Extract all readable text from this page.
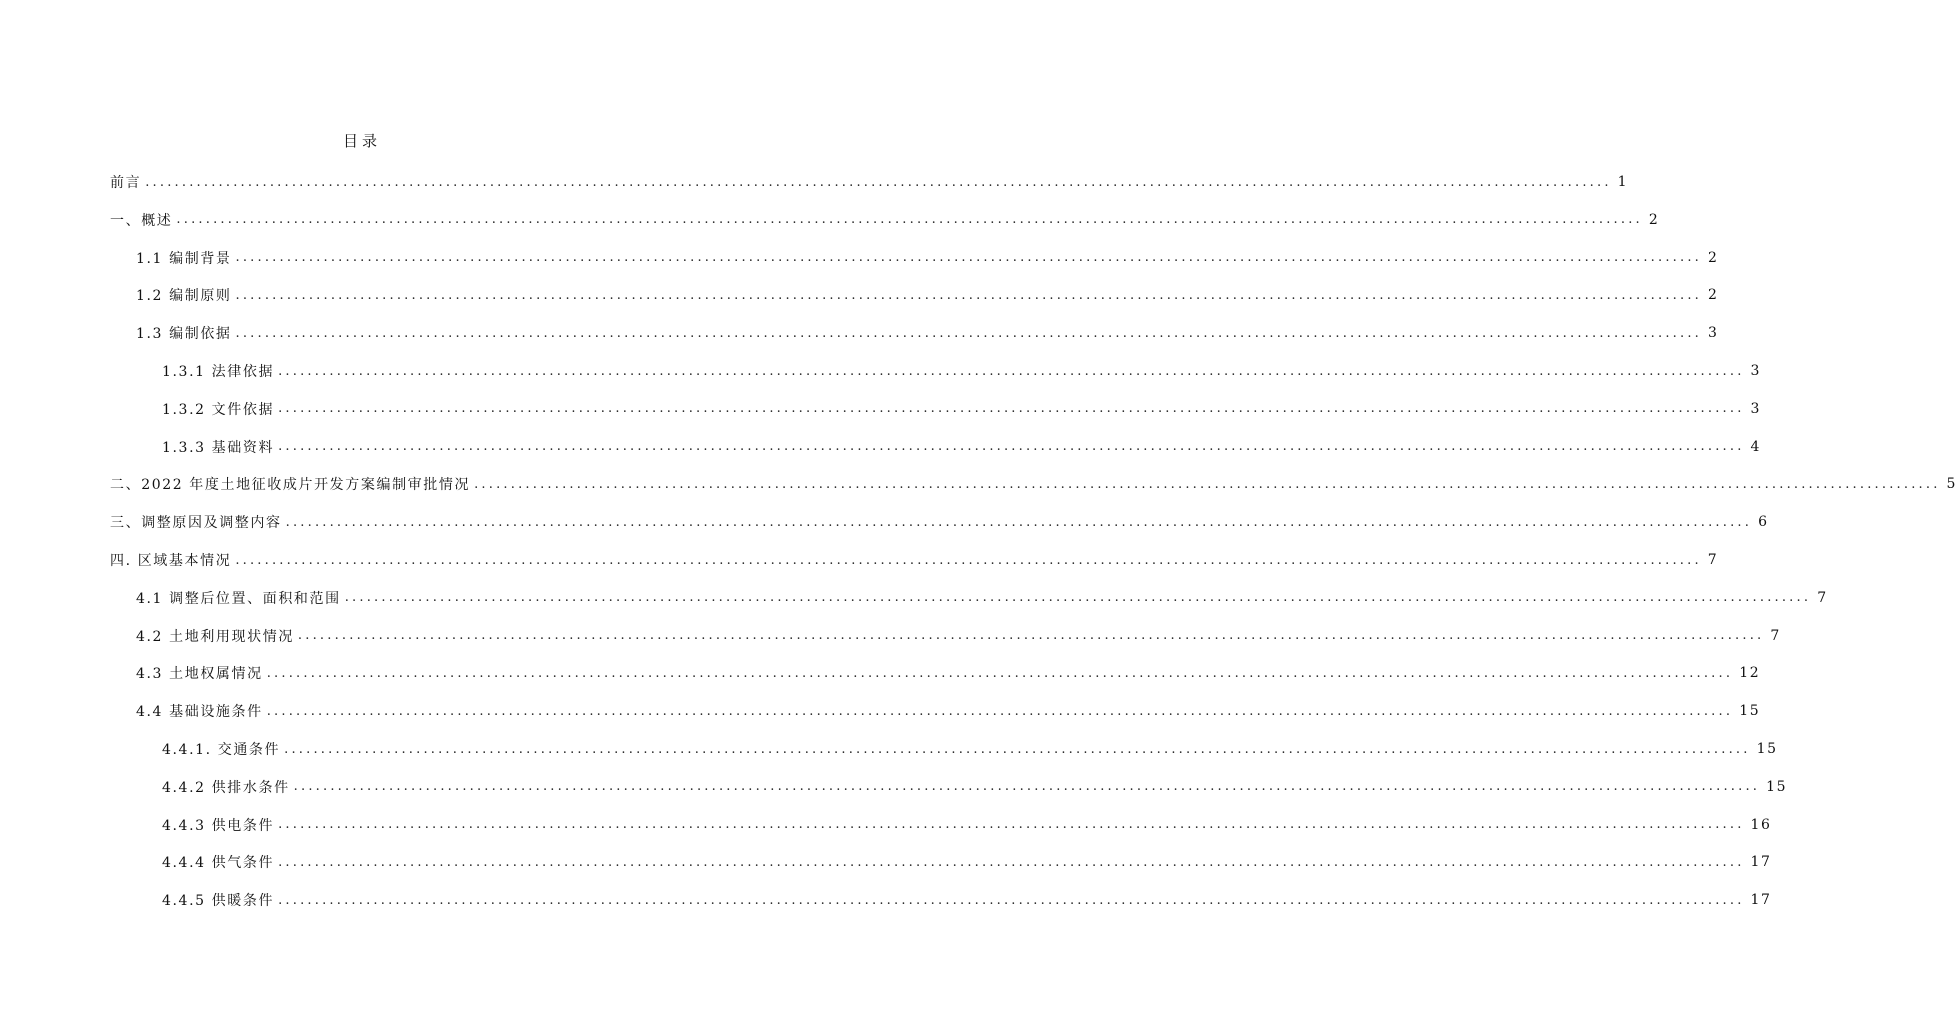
目录
前言 ........................................................................................................................................................................................................ 1
一、概述 ........................................................................................................................................................................................................ 2
1.1 编制背景 ........................................................................................................................................................................................................ 2
1.2 编制原则 ........................................................................................................................................................................................................ 2
1.3 编制依据 ........................................................................................................................................................................................................ 3
1.3.1 法律依据 ........................................................................................................................................................................................................ 3
1.3.2 文件依据 ........................................................................................................................................................................................................ 3
1.3.3 基础资料 ........................................................................................................................................................................................................ 4
二、2022 年度土地征收成片开发方案编制审批情况 ........................................................................................................................................................................................................ 5
三、调整原因及调整内容 ........................................................................................................................................................................................................ 6
四. 区域基本情况 ........................................................................................................................................................................................................ 7
4.1 调整后位置、面积和范围 ........................................................................................................................................................................................................ 7
4.2 土地利用现状情况 ........................................................................................................................................................................................................ 7
4.3 土地权属情况 ........................................................................................................................................................................................................ 12
4.4 基础设施条件 ........................................................................................................................................................................................................ 15
4.4.1. 交通条件 ........................................................................................................................................................................................................ 15
4.4.2 供排水条件 ........................................................................................................................................................................................................ 15
4.4.3 供电条件 ........................................................................................................................................................................................................ 16
4.4.4 供气条件 ........................................................................................................................................................................................................ 17
4.4.5 供暖条件 ........................................................................................................................................................................................................ 17
